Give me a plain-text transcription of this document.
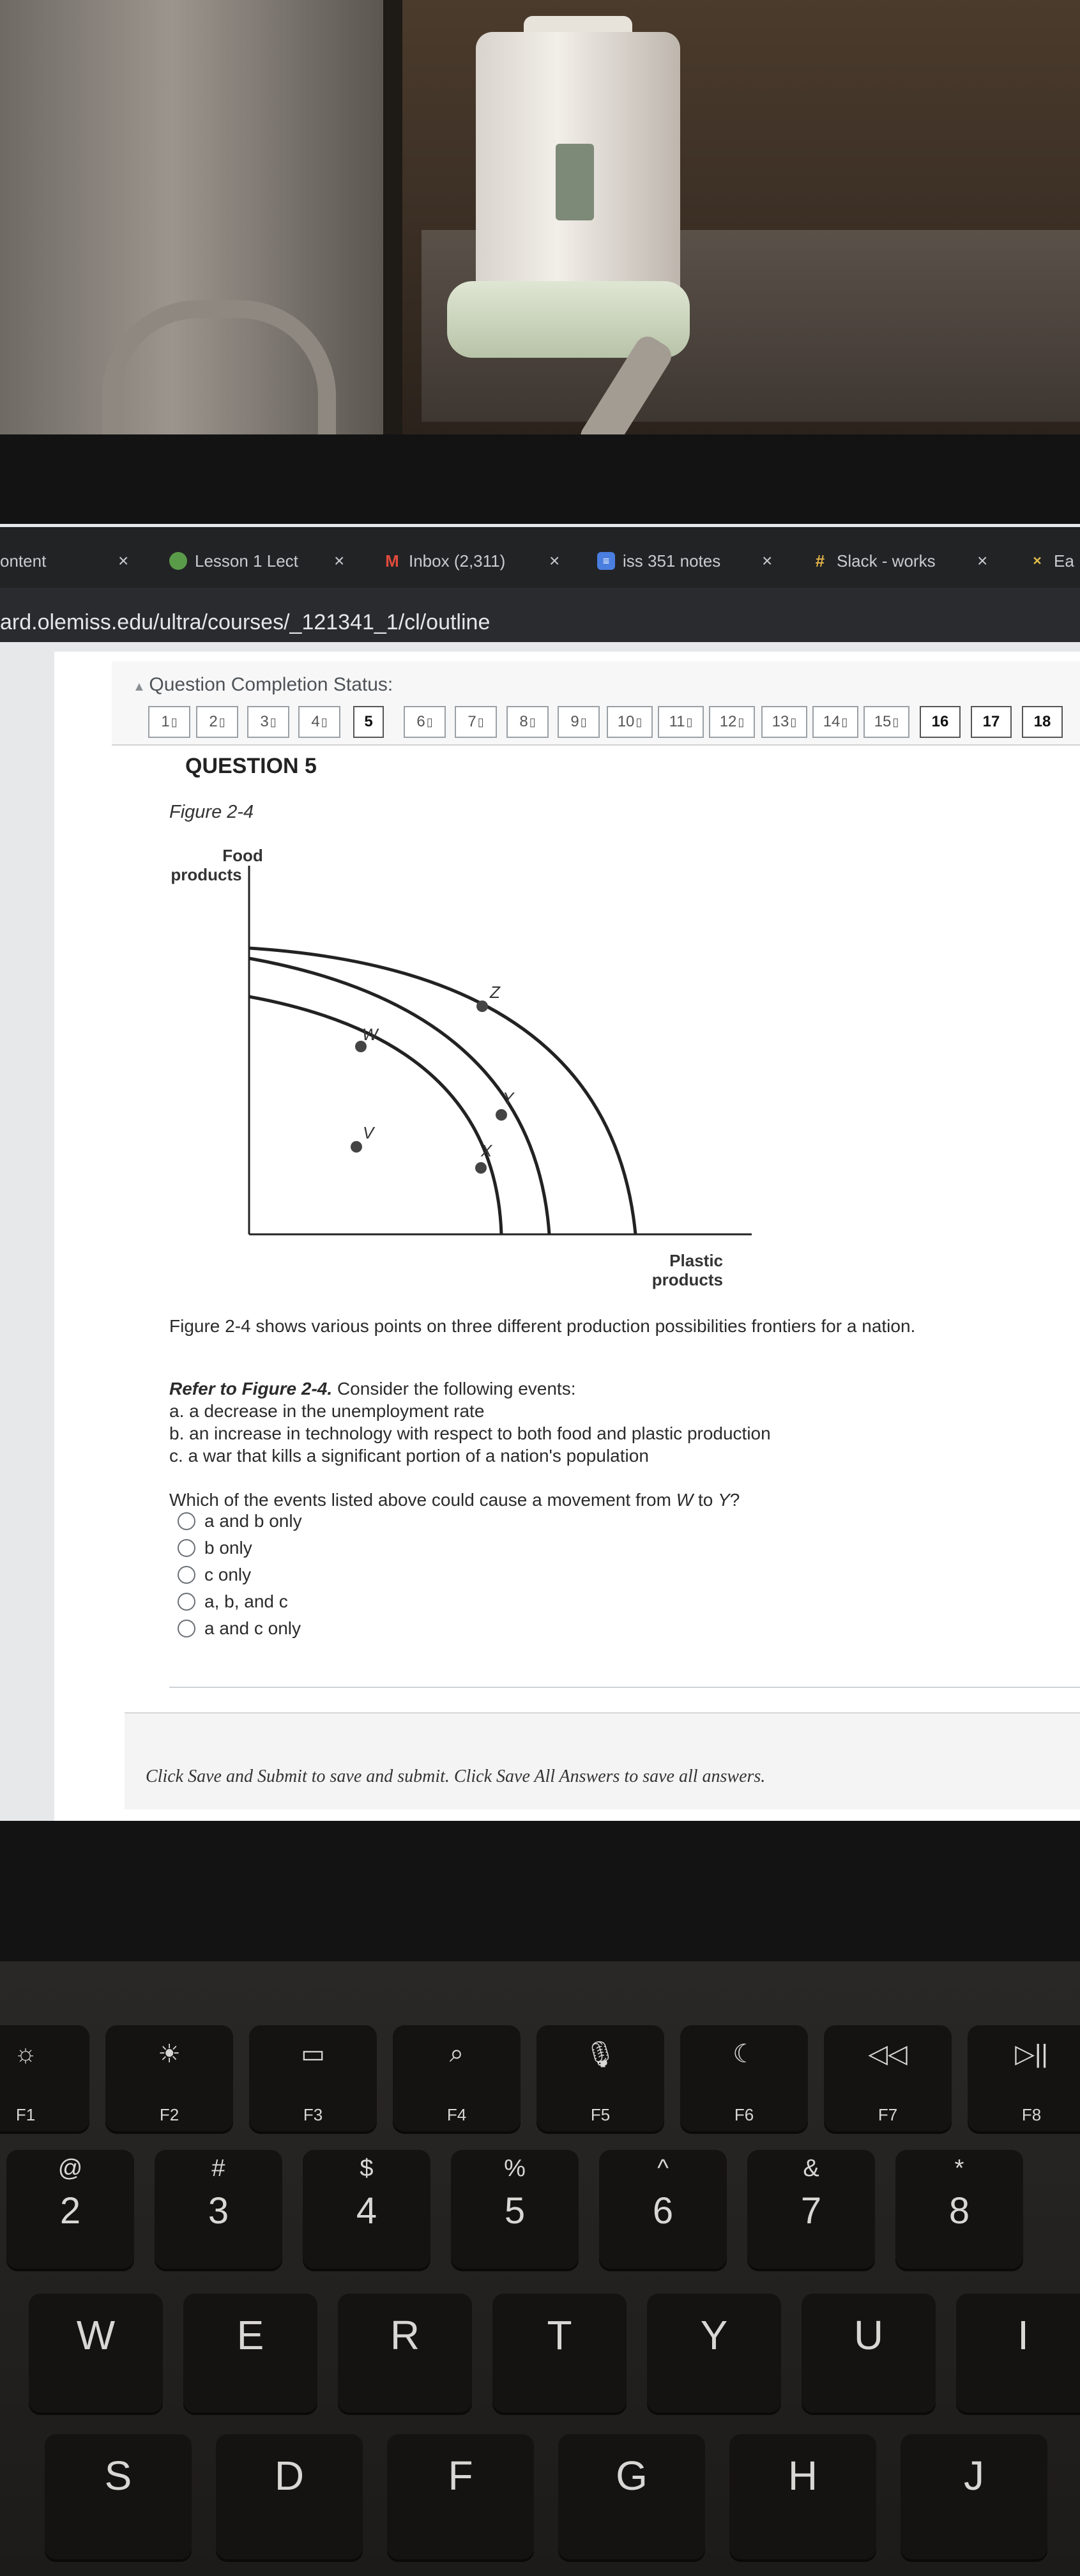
ontent	×	Lesson 1 Lect × M Inbox (2,311) ×	≡ iss 351 notes ×	# Slack - works ×	✕ Ea
ard.olemiss.edu/ultra/courses/_121341_1/cl/outline
▲ Question Completion Status:
1 ▯ 2 ▯ 3 ▯ 4 ▯ 5	6 ▯ 7 ▯ 8 ▯ 9 ▯ 10 ▯ 11 ▯ 12 ▯ 13 ▯ 14 ▯ 15 ▯ 16 17 18
QUESTION 5
Figure 2-4
Food
products
Z
W
Y
X
V
Plastic
products
Figure 2-4 shows various points on three different production possibilities frontiers for a nation.
Refer to Figure 2-4. Consider the following events:
a. a decrease in the unemployment rate
b. an increase in technology with respect to both food and plastic production
c. a war that kills a significant portion of a nation's population
Which of the events listed above could cause a movement from W to Y?
a and b only
b only
c only
a, b, and c
a and c only
Click Save and Submit to save and submit. Click Save All Answers to save all answers.
☼
F1
☀
F2
▭
F3
⌕
F4
🎙
F5
☾
F6
◁◁
F7
▷||
F8
@
2
#
3
$
4
%
5
^
6
&
7
*
8
W	E	R	T	Y	U	I
S	D	F	G	H	J
